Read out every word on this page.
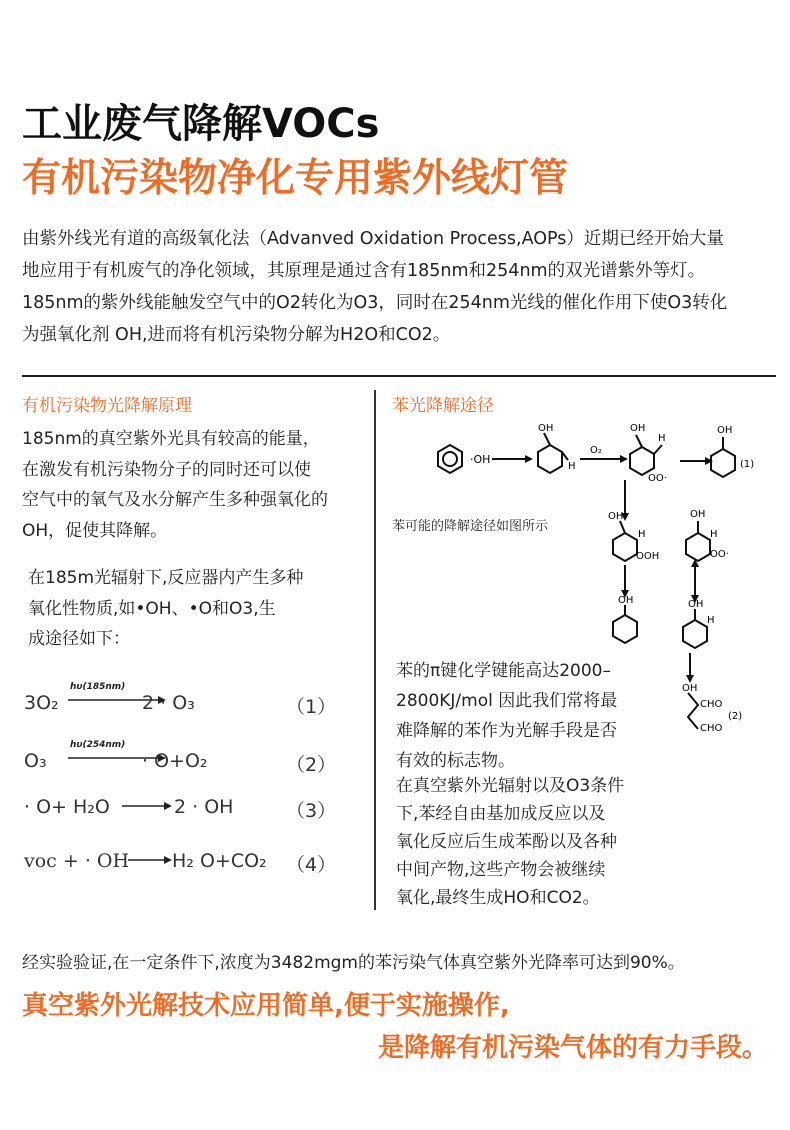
工业废气降解VOCs
有机污染物净化专用紫外线灯管
由紫外线光有道的高级氧化法（Advanved Oxidation Process,AOPs）近期已经开始大量
地应用于有机废气的净化领域，其原理是通过含有185nm和254nm的双光谱紫外等灯。
185nm的紫外线能触发空气中的O2转化为O3，同时在254nm光线的催化作用下使O3转化
为强氧化剂 OH,进而将有机污染物分解为H2O和CO2。
有机污染物光降解原理
185nm的真空紫外光具有较高的能量，
在激发有机污染物分子的同时还可以使
空气中的氧气及水分解产生多种强氧化的
OH，促使其降解。
在185m光辐射下,反应器内产生多种
氧化性物质,如•OH、•O和O3,生
成途径如下：
3O₂
hυ(185nm)
2 · O₃	（1）
O₃
hυ(254nm)
· O+O₂	（2）
· O+ H₂O	2 · OH	（3）
voc + · OH H₂ O+CO₂ （4）
苯光降解途径
·OH
OH
H
O₂
OH
H
OO·
OH
(1)
OH
H
OOH
OH
H
OO·
OH	OH
H
OH
CHO
CHO
(2)
苯可能的降解途径如图所示
苯的π键化学键能高达2000–
2800KJ/mol 因此我们常将最
难降解的苯作为光解手段是否
有效的标志物。
在真空紫外光辐射以及O3条件
下,苯经自由基加成反应以及
氧化反应后生成苯酚以及各种
中间产物,这些产物会被继续
氧化,最终生成HO和CO2。
经实验验证,在一定条件下,浓度为3482mgm的苯污染气体真空紫外光降率可达到90%。
真空紫外光解技术应用简单,便于实施操作,
是降解有机污染气体的有力手段。
